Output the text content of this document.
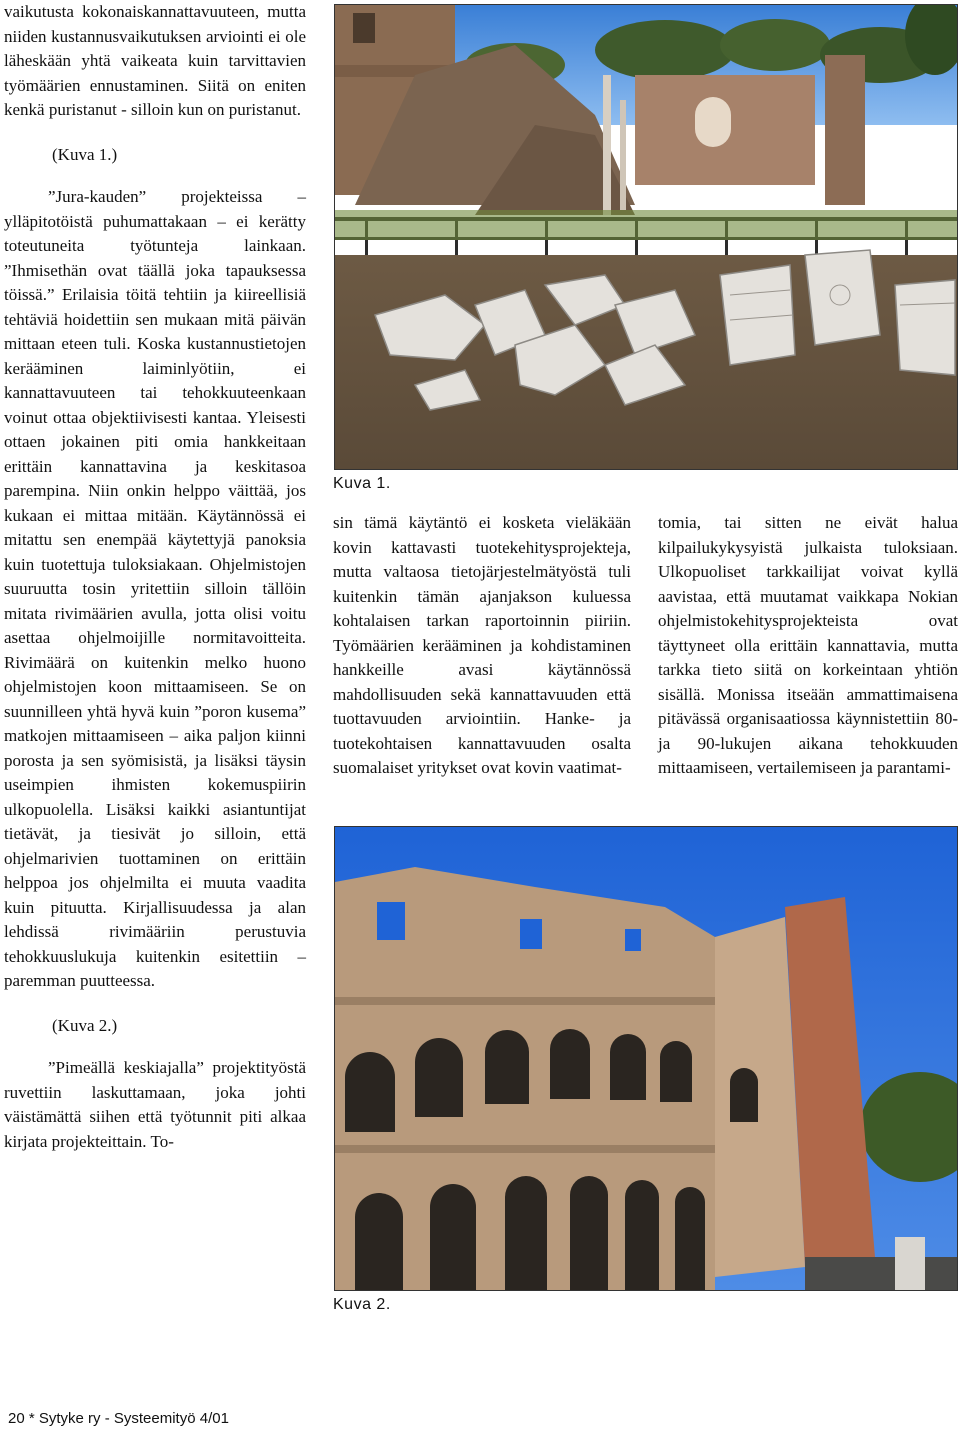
vaikutusta kokonaiskannattavuuteen, mutta niiden kustannusvaikutuksen arviointi ei ole läheskään yhtä vaikeata kuin tarvittavien työmäärien ennustaminen. Siitä on eniten kenkä puristanut - silloin kun on puristanut.

(Kuva 1.)

”Jura-kauden” projekteissa – ylläpitotöistä puhumattakaan – ei kerätty toteutuneita työtunteja lainkaan. ”Ihmisethän ovat täällä joka tapauksessa töissä.” Erilaisia töitä tehtiin ja kiireellisiä tehtäviä hoidettiin sen mukaan mitä päivän mittaan eteen tuli. Koska kustannustietojen kerääminen laiminlyötiin, ei kannattavuuteen tai tehokkuuteenkaan voinut ottaa objektiivisesti kantaa. Yleisesti ottaen jokainen piti omia hankkeitaan erittäin kannattavina ja keskitasoa parempina. Niin onkin helppo väittää, jos kukaan ei mittaa mitään. Käytännössä ei mitattu sen enempää käytettyjä panoksia kuin tuotettuja tuloksiakaan. Ohjelmistojen suuruutta tosin yritettiin silloin tällöin mitata rivimäärien avulla, jotta olisi voitu asettaa ohjelmoijille normitavoitteita. Rivimäärä on kuitenkin melko huono ohjelmistojen koon mittaamiseen. Se on suunnilleen yhtä hyvä kuin ”poron kusema” matkojen mittaamiseen – aika paljon kiinni porosta ja sen syömisistä, ja lisäksi täysin useimpien ihmisten kokemuspiirin ulkopuolella. Lisäksi kaikki asiantuntijat tietävät, ja tiesivät jo silloin, että ohjelmarivien tuottaminen on erittäin helppoa jos ohjelmilta ei muuta vaadita kuin pituutta. Kirjallisuudessa ja alan lehdissä rivimääriin perustuvia tehokkuuslukuja kuitenkin esitettiin – paremman puutteessa.

(Kuva 2.)

”Pimeällä keskiajalla” projektityöstä ruvettiin laskuttamaan, joka johti väistämättä siihen että työtunnit piti alkaa kirjata projekteittain. To-

Kuva 1.

sin tämä käytäntö ei kosketa vieläkään kovin kattavasti tuotekehitysprojekteja, mutta valtaosa tietojärjestelmätyöstä tuli kuitenkin tämän ajanjakson kuluessa kohtalaisen tarkan raportoinnin piiriin. Työmäärien kerääminen ja kohdistaminen hankkeille avasi käytännössä mahdollisuuden sekä kannattavuuden että tuottavuuden arviointiin. Hanke- ja tuotekohtaisen kannattavuuden osalta suomalaiset yritykset ovat kovin vaatimat-

tomia, tai sitten ne eivät halua kilpailukykysyistä julkaista tuloksiaan. Ulkopuoliset tarkkailijat voivat kyllä aavistaa, että muutamat vaikkapa Nokian ohjelmistokehitysprojekteista ovat täyttyneet olla erittäin kannattavia, mutta tarkka tieto siitä on korkeintaan yhtiön sisällä. Monissa itseään ammattimaisena pitävässä organisaatiossa käynnistettiin 80- ja 90-lukujen aikana tehokkuuden mittaamiseen, vertailemiseen ja parantami-

Kuva 2.
20 * Sytyke ry - Systeemityö 4/01
